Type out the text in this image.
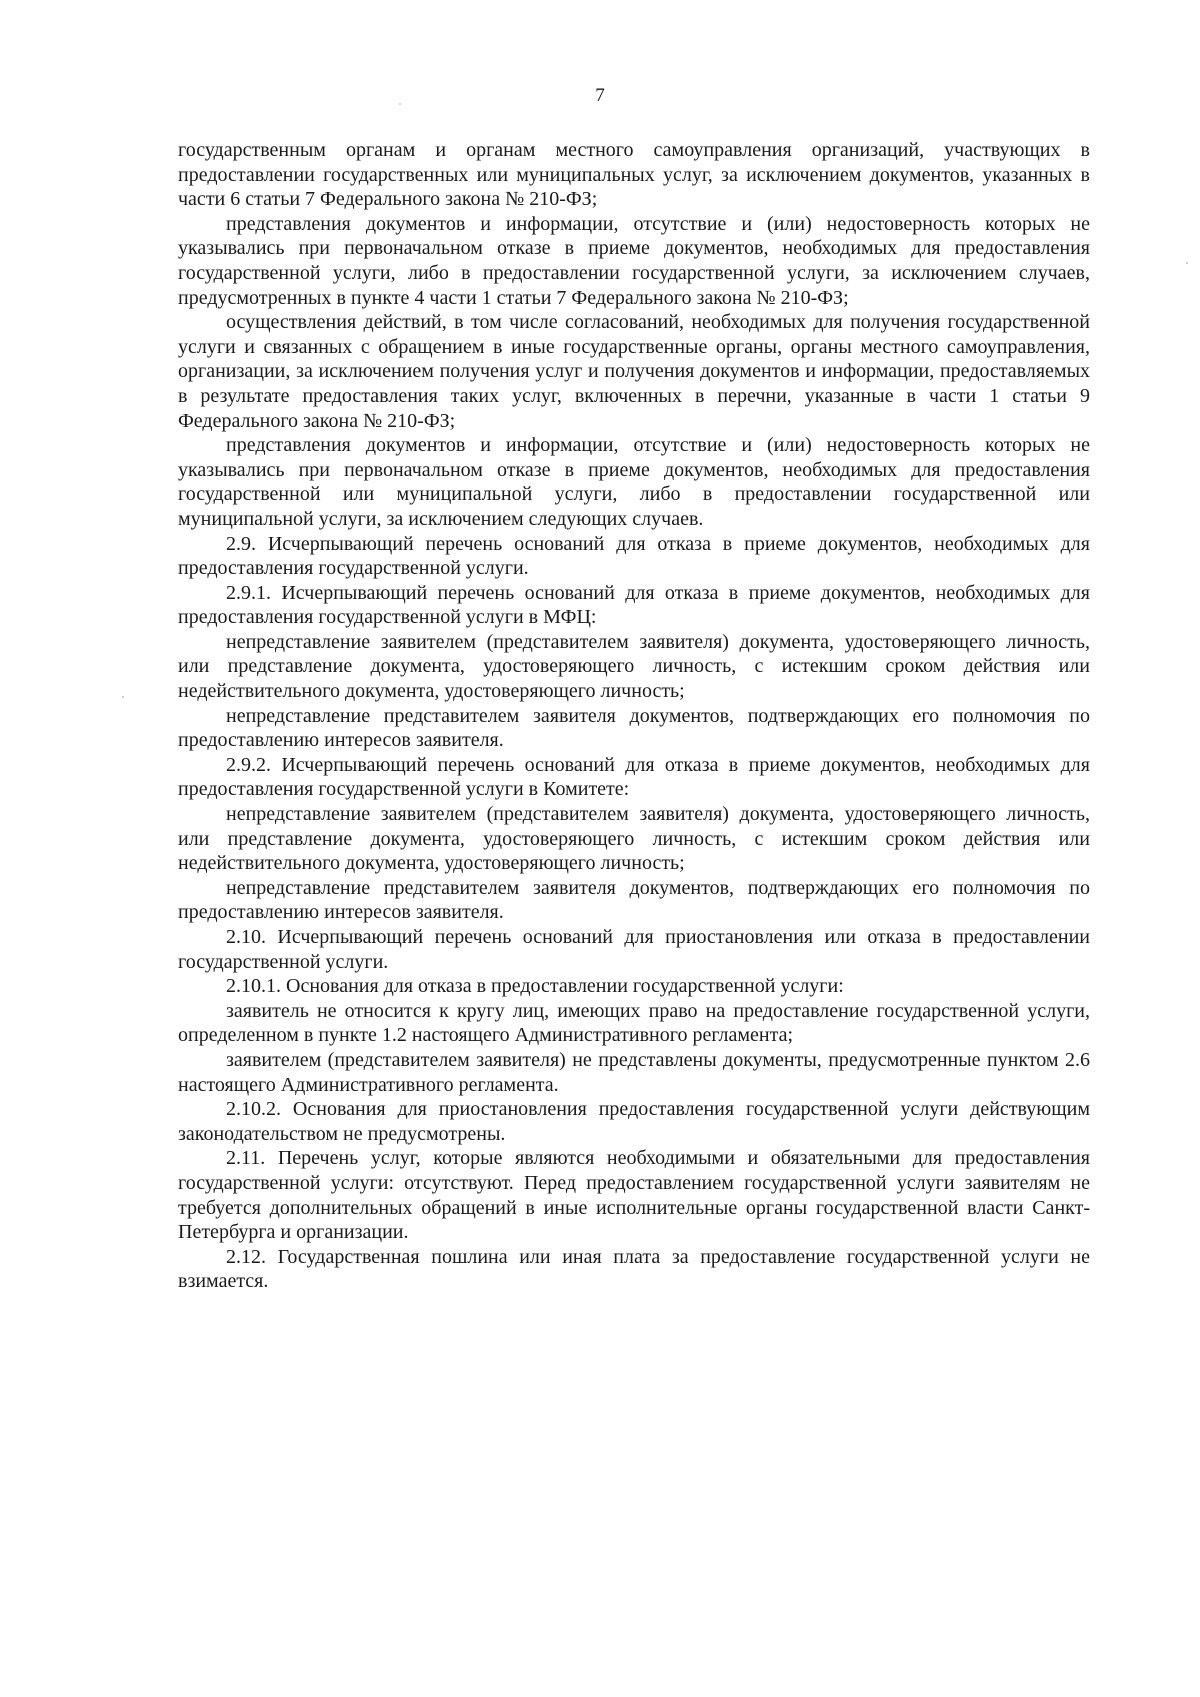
7

государственным органам и органам местного самоуправления организаций, участвующих в предоставлении государственных или муниципальных услуг, за исключением документов, указанных в части 6 статьи 7 Федерального закона № 210-ФЗ;

представления документов и информации, отсутствие и (или) недостоверность которых не указывались при первоначальном отказе в приеме документов, необходимых для предоставления государственной услуги, либо в предоставлении государственной услуги, за исключением случаев, предусмотренных в пункте 4 части 1 статьи 7 Федерального закона № 210-ФЗ;

осуществления действий, в том числе согласований, необходимых для получения государственной услуги и связанных с обращением в иные государственные органы, органы местного самоуправления, организации, за исключением получения услуг и получения документов и информации, предоставляемых в результате предоставления таких услуг, включенных в перечни, указанные в части 1 статьи 9 Федерального закона № 210-ФЗ;

представления документов и информации, отсутствие и (или) недостоверность которых не указывались при первоначальном отказе в приеме документов, необходимых для предоставления государственной или муниципальной услуги, либо в предоставлении государственной или муниципальной услуги, за исключением следующих случаев.

2.9. Исчерпывающий перечень оснований для отказа в приеме документов, необходимых для предоставления государственной услуги.

2.9.1. Исчерпывающий перечень оснований для отказа в приеме документов, необходимых для предоставления государственной услуги в МФЦ:

непредставление заявителем (представителем заявителя) документа, удостоверяющего личность, или представление документа, удостоверяющего личность, с истекшим сроком действия или недействительного документа, удостоверяющего личность;

непредставление представителем заявителя документов, подтверждающих его полномочия по предоставлению интересов заявителя.

2.9.2. Исчерпывающий перечень оснований для отказа в приеме документов, необходимых для предоставления государственной услуги в Комитете:

непредставление заявителем (представителем заявителя) документа, удостоверяющего личность, или представление документа, удостоверяющего личность, с истекшим сроком действия или недействительного документа, удостоверяющего личность;

непредставление представителем заявителя документов, подтверждающих его полномочия по предоставлению интересов заявителя.

2.10. Исчерпывающий перечень оснований для приостановления или отказа в предоставлении государственной услуги.

2.10.1. Основания для отказа в предоставлении государственной услуги:

заявитель не относится к кругу лиц, имеющих право на предоставление государственной услуги, определенном в пункте 1.2 настоящего Административного регламента;

заявителем (представителем заявителя) не представлены документы, предусмотренные пунктом 2.6 настоящего Административного регламента.

2.10.2. Основания для приостановления предоставления государственной услуги действующим законодательством не предусмотрены.

2.11. Перечень услуг, которые являются необходимыми и обязательными для предоставления государственной услуги: отсутствуют. Перед предоставлением государственной услуги заявителям не требуется дополнительных обращений в иные исполнительные органы государственной власти Санкт-Петербурга и организации.

2.12. Государственная пошлина или иная плата за предоставление государственной услуги не взимается.
